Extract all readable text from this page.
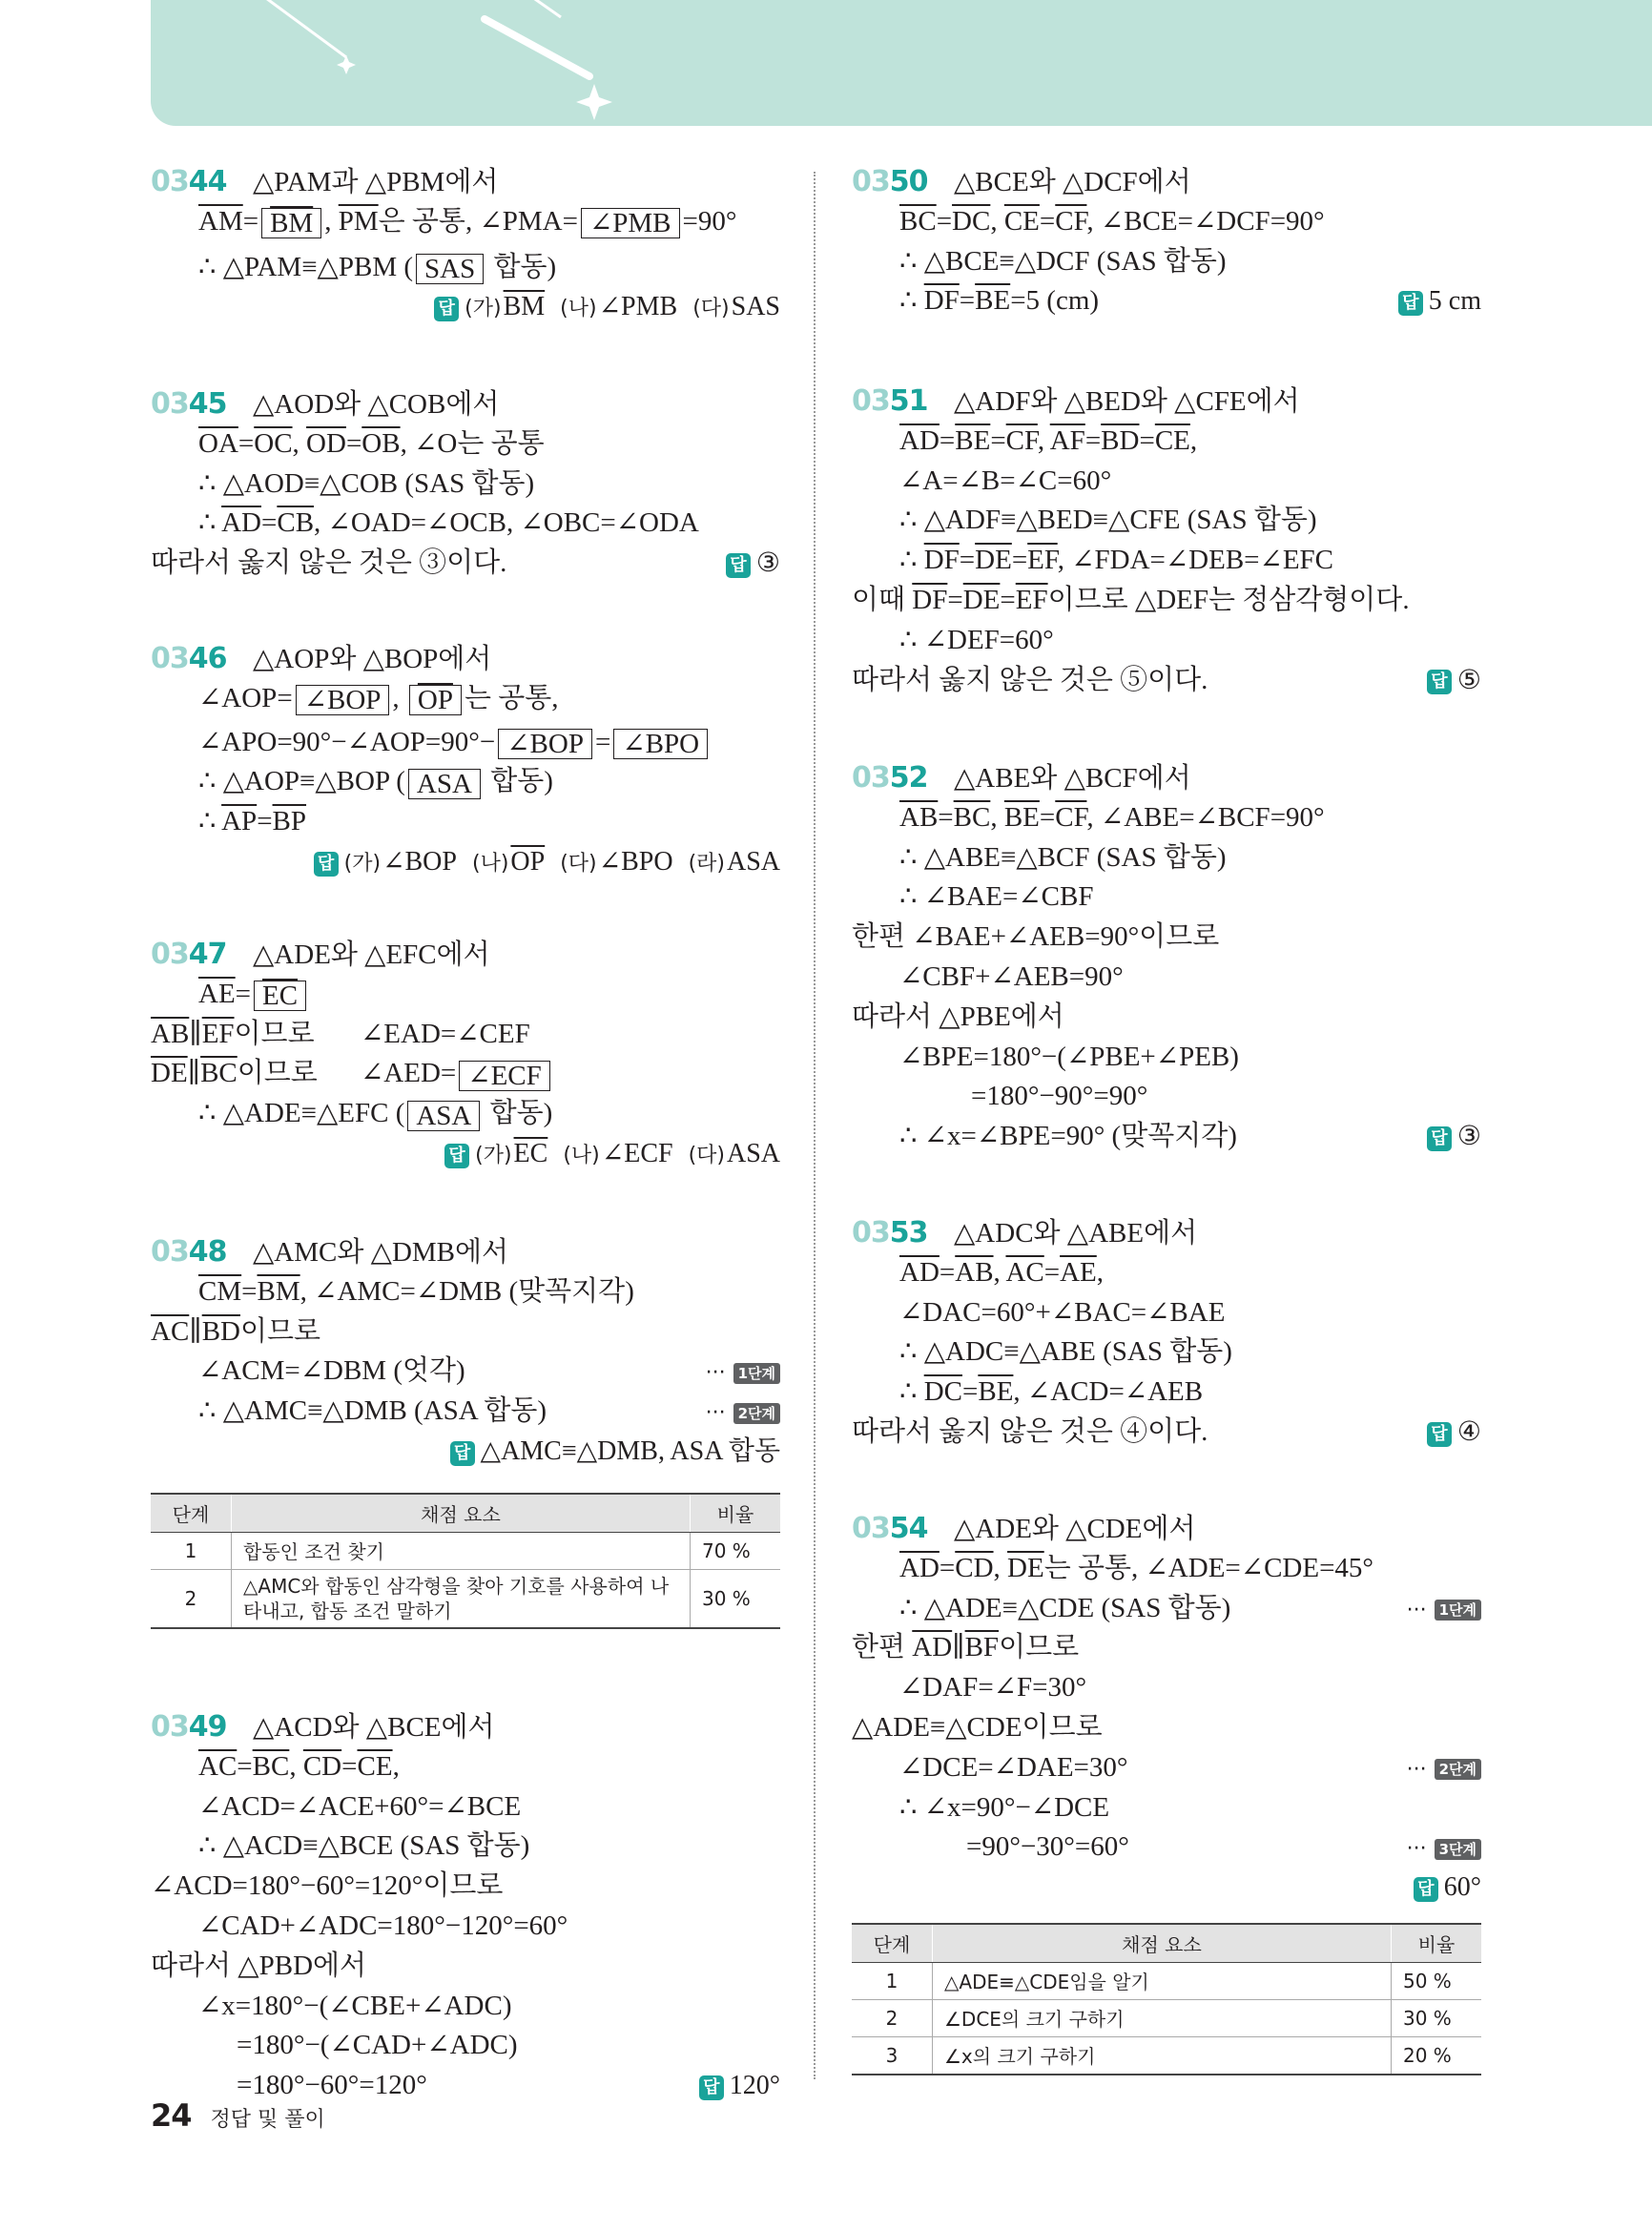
0344 △PAM과 △PBM에서
$\overline{AM}= \overline{BM}$ , $\overline{PM}$은 공통, ∠PMA= ∠PMB =90°
∴ △PAM≡△PBM ( SAS 합동)
답 (가)$\overline{BM}$ (나)∠PMB (다)SAS
0345 △AOD와 △COB에서
$\overline{OA}=\overline{OC}$, $\overline{OD}=\overline{OB}$, ∠O는 공통
∴ △AOD≡△COB (SAS 합동)
∴ $\overline{AD}=\overline{CB}$, ∠OAD=∠OCB, ∠OBC=∠ODA
따라서 옳지 않은 것은 ③이다.	답 ③
0346 △AOP와 △BOP에서
∠AOP= ∠BOP , $\overline{OP}$ 는 공통,
∠APO=90°−∠AOP=90°− ∠BOP = ∠BPO
∴ △AOP≡△BOP ( ASA 합동)
∴ $\overline{AP}=\overline{BP}$
답 (가)∠BOP (나)$\overline{OP}$ (다)∠BPO (라)ASA
0347 △ADE와 △EFC에서
$\overline{AE}= \overline{EC}$
$\overline{AB}\parallel\overline{EF}$이므로 ∠EAD=∠CEF
$\overline{DE}\parallel\overline{BC}$이므로 ∠AED= ∠ECF
∴ △ADE≡△EFC ( ASA 합동)
답 (가)$\overline{EC}$ (나)∠ECF (다)ASA
0348 △AMC와 △DMB에서
$\overline{CM}=\overline{BM}$, ∠AMC=∠DMB (맞꼭지각)
$\overline{AC}\parallel\overline{BD}$이므로
∠ACM=∠DBM (엇각)	··· 1단계
∴ △AMC≡△DMB (ASA 합동)	··· 2단계
답 △AMC≡△DMB, ASA 합동
단계	채점 요소	비율
1	합동인 조건 찾기	70 %
2	△AMC와 합동인 삼각형을 찾아 기호를 사용하여 나타내고, 합동 조건 말하기	30 %
0349 △ACD와 △BCE에서
$\overline{AC}=\overline{BC}$, $\overline{CD}=\overline{CE}$,
∠ACD=∠ACE+60°=∠BCE
∴ △ACD≡△BCE (SAS 합동)
∠ACD=180°−60°=120°이므로
∠CAD+∠ADC=180°−120°=60°
따라서 △PBD에서
∠x=180°−(∠CBE+∠ADC)
=180°−(∠CAD+∠ADC)
=180°−60°=120°	답 120°
0350 △BCE와 △DCF에서
$\overline{BC}=\overline{DC}$, $\overline{CE}=\overline{CF}$, ∠BCE=∠DCF=90°
∴ △BCE≡△DCF (SAS 합동)
∴ $\overline{DF}=\overline{BE}=5$ (cm)	답 5 cm
0351 △ADF와 △BED와 △CFE에서
$\overline{AD}=\overline{BE}=\overline{CF}$, $\overline{AF}=\overline{BD}=\overline{CE}$,
∠A=∠B=∠C=60°
∴ △ADF≡△BED≡△CFE (SAS 합동)
∴ $\overline{DF}=\overline{DE}=\overline{EF}$, ∠FDA=∠DEB=∠EFC
이때 $\overline{DF}=\overline{DE}=\overline{EF}$이므로 △DEF는 정삼각형이다.
∴ ∠DEF=60°
따라서 옳지 않은 것은 ⑤이다.	답 ⑤
0352 △ABE와 △BCF에서
$\overline{AB}=\overline{BC}$, $\overline{BE}=\overline{CF}$, ∠ABE=∠BCF=90°
∴ △ABE≡△BCF (SAS 합동)
∴ ∠BAE=∠CBF
한편 ∠BAE+∠AEB=90°이므로
∠CBF+∠AEB=90°
따라서 △PBE에서
∠BPE=180°−(∠PBE+∠PEB)
=180°−90°=90°
∴ ∠x=∠BPE=90° (맞꼭지각)	답 ③
0353 △ADC와 △ABE에서
$\overline{AD}=\overline{AB}$, $\overline{AC}=\overline{AE}$,
∠DAC=60°+∠BAC=∠BAE
∴ △ADC≡△ABE (SAS 합동)
∴ $\overline{DC}=\overline{BE}$, ∠ACD=∠AEB
따라서 옳지 않은 것은 ④이다.	답 ④
0354 △ADE와 △CDE에서
$\overline{AD}=\overline{CD}$, $\overline{DE}$는 공통, ∠ADE=∠CDE=45°
∴ △ADE≡△CDE (SAS 합동)	··· 1단계
한편 $\overline{AD}\parallel\overline{BF}$이므로
∠DAF=∠F=30°
△ADE≡△CDE이므로
∠DCE=∠DAE=30°	··· 2단계
∴ ∠x=90°−∠DCE
=90°−30°=60°	··· 3단계
답 60°
단계	채점 요소	비율
1	△ADE≡△CDE임을 알기	50 %
2	∠DCE의 크기 구하기	30 %
3	∠x의 크기 구하기	20 %
24 정답 및 풀이
